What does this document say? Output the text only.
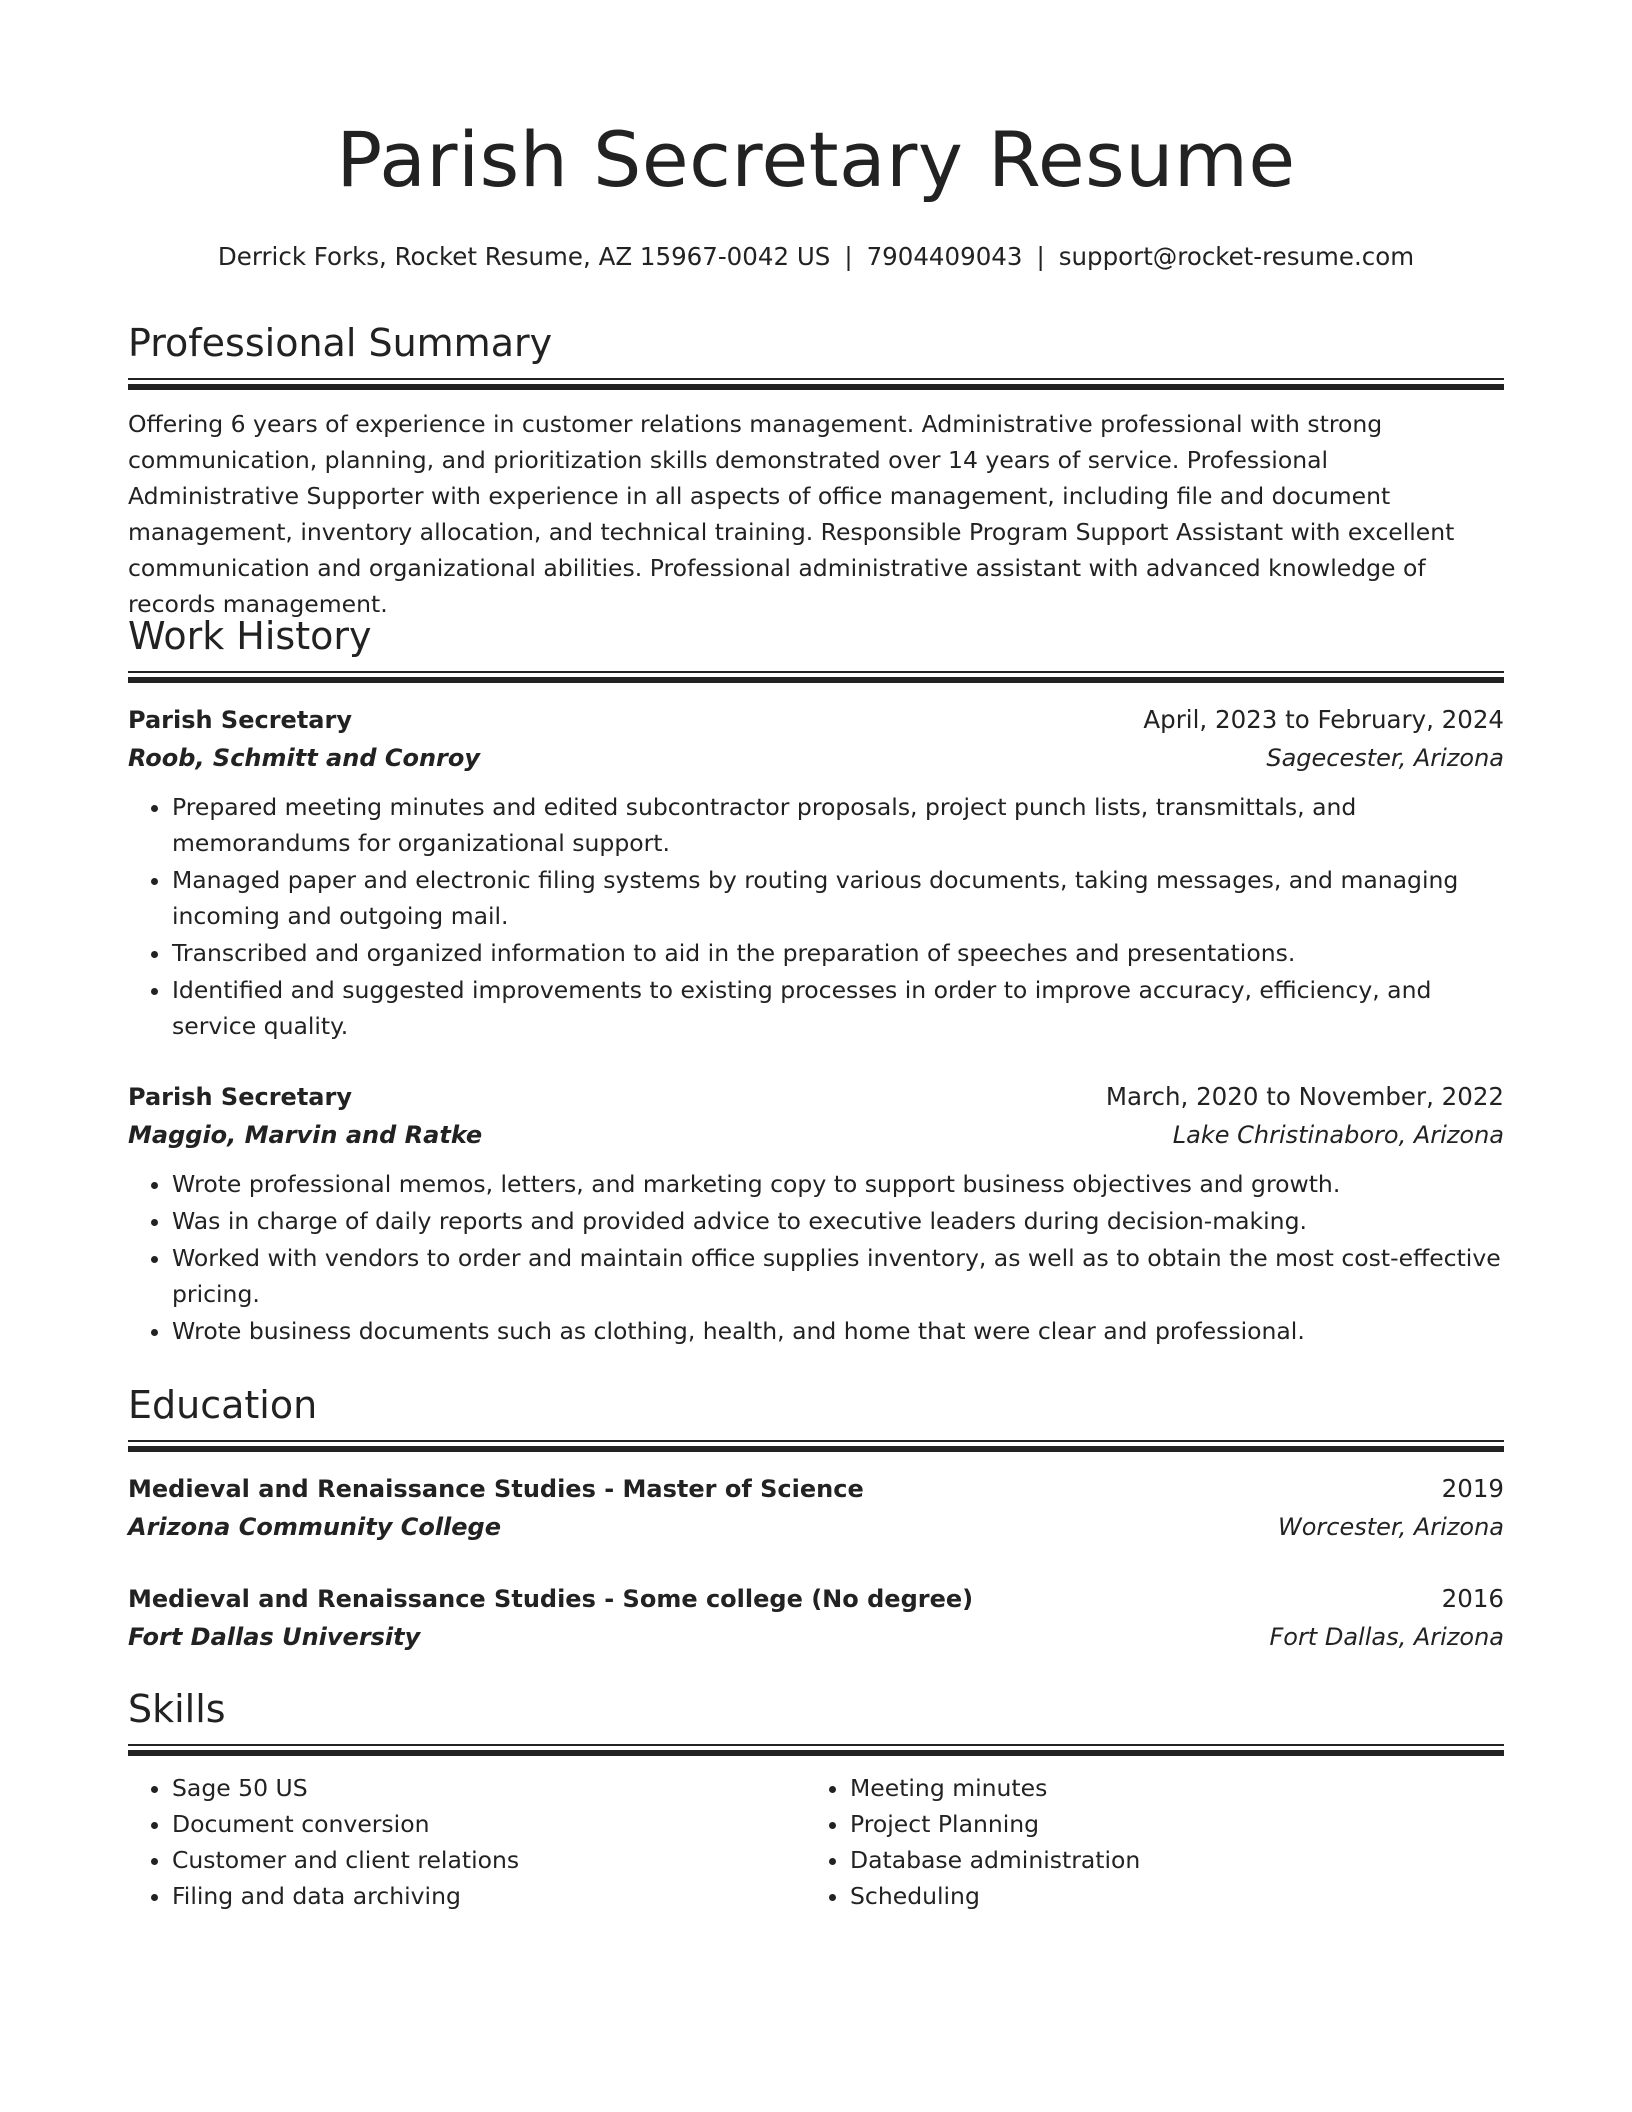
Parish Secretary Resume
Derrick Forks, Rocket Resume, AZ 15967-0042 US | 7904409043 | support@rocket-resume.com
Professional Summary

Offering 6 years of experience in customer relations management. Administrative professional with strong communication, planning, and prioritization skills demonstrated over 14 years of service. Professional Administrative Supporter with experience in all aspects of office management, including file and document management, inventory allocation, and technical training. Responsible Program Support Assistant with excellent communication and organizational abilities. Professional administrative assistant with advanced knowledge of records management.

Work History
Parish Secretary	April, 2023 to February, 2024
Roob, Schmitt and Conroy	Sagecester, Arizona
• Prepared meeting minutes and edited subcontractor proposals, project punch lists, transmittals, and memorandums for organizational support.
• Managed paper and electronic filing systems by routing various documents, taking messages, and managing incoming and outgoing mail.
• Transcribed and organized information to aid in the preparation of speeches and presentations.
• Identified and suggested improvements to existing processes in order to improve accuracy, efficiency, and service quality.
Parish Secretary	March, 2020 to November, 2022
Maggio, Marvin and Ratke	Lake Christinaboro, Arizona
• Wrote professional memos, letters, and marketing copy to support business objectives and growth.
• Was in charge of daily reports and provided advice to executive leaders during decision-making.
• Worked with vendors to order and maintain office supplies inventory, as well as to obtain the most cost-effective pricing.
• Wrote business documents such as clothing, health, and home that were clear and professional.
Education
Medieval and Renaissance Studies - Master of Science	2019
Arizona Community College	Worcester, Arizona
Medieval and Renaissance Studies - Some college (No degree)	2016
Fort Dallas University	Fort Dallas, Arizona
Skills
• Sage 50 US
• Document conversion
• Customer and client relations
• Filing and data archiving
• Meeting minutes
• Project Planning
• Database administration
• Scheduling
